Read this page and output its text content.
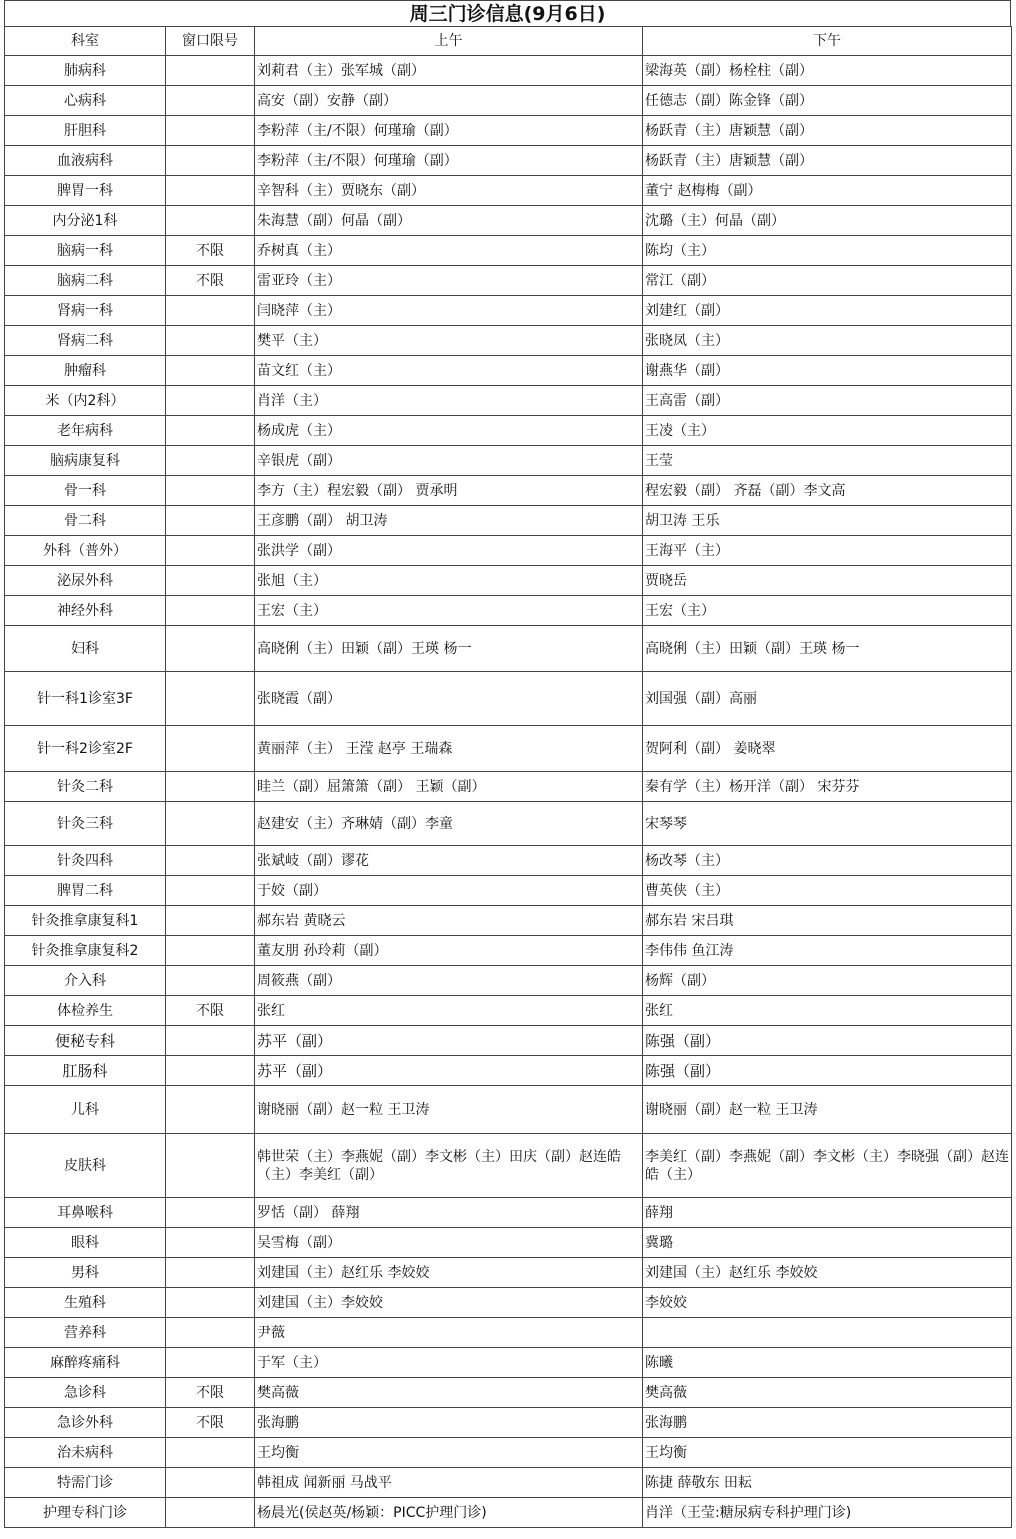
周三门诊信息(9月6日)
科室	窗口限号	上午	下午
肺病科		刘莉君（主）张军城（副）	梁海英（副）杨栓柱（副）
心病科		高安（副）安静（副）	任德志（副）陈金锋（副）
肝胆科		李粉萍（主/不限）何瑾瑜（副）	杨跃青（主）唐颖慧（副）
血液病科		李粉萍（主/不限）何瑾瑜（副）	杨跃青（主）唐颖慧（副）
脾胃一科		辛智科（主）贾晓东（副）	董宁 赵梅梅（副）
内分泌1科		朱海慧（副）何晶（副）	沈璐（主）何晶（副）
脑病一科	不限	乔树真（主）	陈均（主）
脑病二科	不限	雷亚玲（主）	常江（副）
肾病一科		闫晓萍（主）	刘建红（副）
肾病二科		樊平（主）	张晓凤（主）
肿瘤科		苗文红（主）	谢燕华（副）
米（内2科）		肖洋（主）	王高雷（副）
老年病科		杨成虎（主）	王凌（主）
脑病康复科		辛银虎（副）	王莹
骨一科		李方（主）程宏毅（副） 贾承明	程宏毅（副） 齐磊（副）李文高
骨二科		王彦鹏（副） 胡卫涛	胡卫涛 王乐
外科（普外）		张洪学（副）	王海平（主）
泌尿外科		张旭（主）	贾晓岳
神经外科		王宏（主）	王宏（主）
妇科		高晓俐（主）田颖（副）王瑛 杨一	高晓俐（主）田颖（副）王瑛 杨一
针一科1诊室3F		张晓霞（副）	刘国强（副）高丽
针一科2诊室2F		黄丽萍（主） 王滢 赵亭 王瑞森	贺阿利（副） 姜晓翠
针灸二科		眭兰（副）屈箫箫（副） 王颖（副）	秦有学（主）杨开洋（副） 宋芬芬
针灸三科		赵建安（主）齐琳婧（副）李童	宋琴琴
针灸四科		张斌岐（副）谬花	杨改琴（主）
脾胃二科		于姣（副）	曹英侠（主）
针灸推拿康复科1		郝东岩 黄晓云	郝东岩 宋吕琪
针灸推拿康复科2		董友朋 孙玲莉（副）	李伟伟 鱼江涛
介入科		周筱燕（副）	杨辉（副）
体检养生	不限	张红	张红
便秘专科		苏平（副）	陈强（副）
肛肠科		苏平（副）	陈强（副）
儿科		谢晓丽（副）赵一粒 王卫涛	谢晓丽（副）赵一粒 王卫涛
皮肤科		韩世荣（主）李燕妮（副）李文彬（主）田庆（副）赵连皓（主）李美红（副）	李美红（副）李燕妮（副）李文彬（主）李晓强（副）赵连皓（主）
耳鼻喉科		罗恬（副） 薛翔	薛翔
眼科		吴雪梅（副）	冀璐
男科		刘建国（主）赵红乐 李姣姣	刘建国（主）赵红乐 李姣姣
生殖科		刘建国（主）李姣姣	李姣姣
营养科		尹薇	
麻醉疼痛科		于军（主）	陈曦
急诊科	不限	樊高薇	樊高薇
急诊外科	不限	张海鹏	张海鹏
治未病科		王均衡	王均衡
特需门诊		韩祖成 闻新丽 马战平	陈捷 薛敬东 田耘
护理专科门诊		杨晨光(侯赵英/杨颖：PICC护理门诊)	肖洋（王莹:糖尿病专科护理门诊)
